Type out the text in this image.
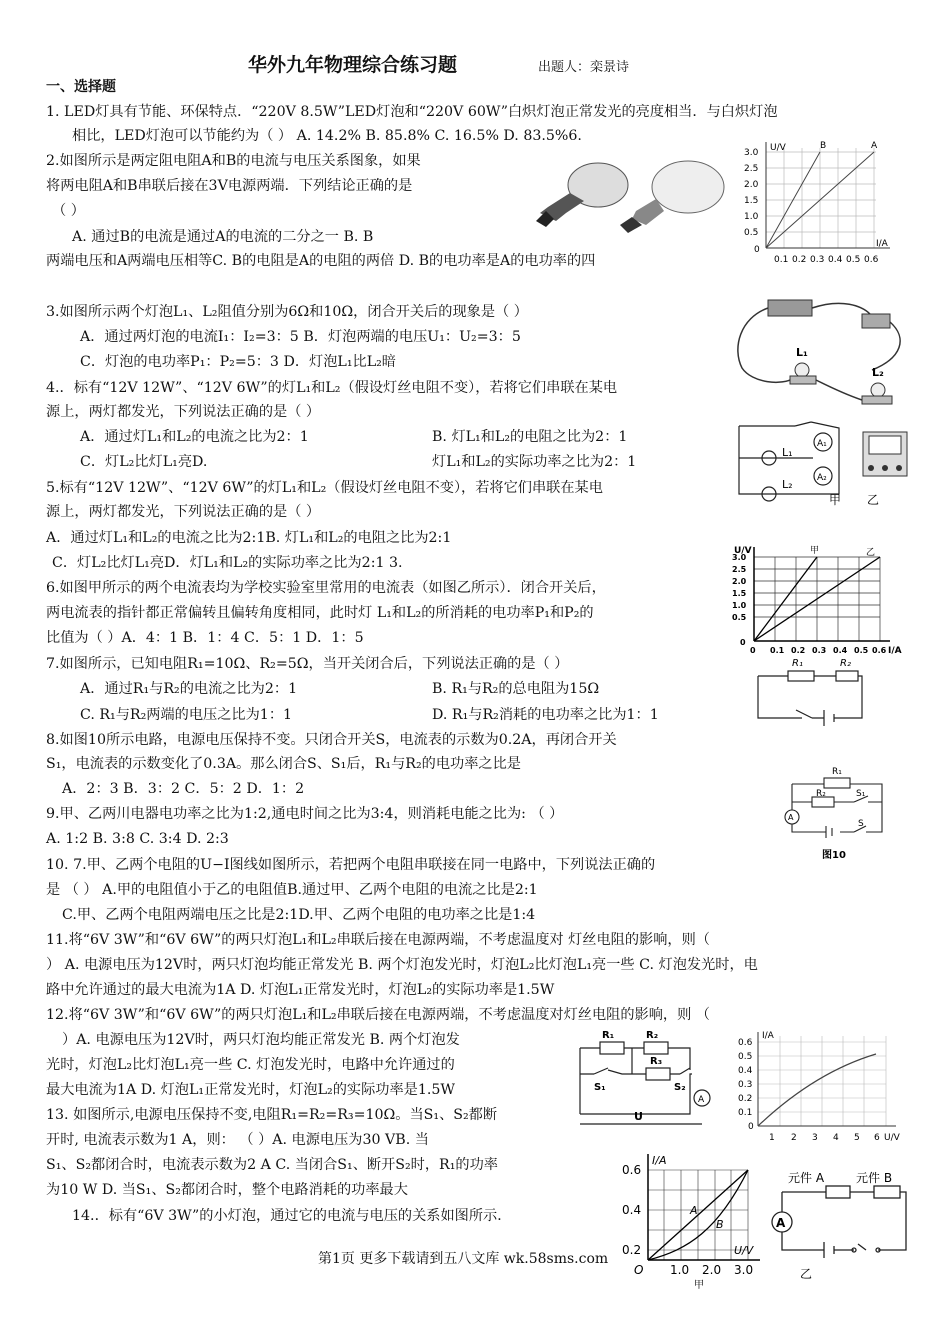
华外九年物理综合练习题	出题人：栾景诗
一、选择题
1. LED灯具有节能、环保特点．“220V 8.5W”LED灯泡和“220V 60W”白炽灯泡正常发光的亮度相当．与白炽灯泡
相比，LED灯泡可以节能约为（ ） A. 14.2% B. 85.8% C. 16.5% D. 83.5%6.
2.如图所示是两定阻电阻A和B的电流与电压关系图象，如果
将两电阻A和B串联后接在3V电源两端．下列结论正确的是
（ ）
A. 通过B的电流是通过A的电流的二分之一 B. B
两端电压和A两端电压相等C. B的电阻是A的电阻的两倍 D. B的电功率是A的电功率的四
3.如图所示两个灯泡L₁、L₂阻值分别为6Ω和10Ω，闭合开关后的现象是（ ）
A．通过两灯泡的电流I₁：I₂=3：5 B．灯泡两端的电压U₁：U₂=3：5
C．灯泡的电功率P₁：P₂=5：3 D．灯泡L₁比L₂暗
4.．标有“12V 12W”、“12V 6W”的灯L₁和L₂（假设灯丝电阻不变），若将它们串联在某电
源上，两灯都发光，下列说法正确的是（ ）
A．通过灯L₁和L₂的电流之比为2：1	B. 灯L₁和L₂的电阻之比为2：1
C．灯L₂比灯L₁亮D.	灯L₁和L₂的实际功率之比为2：1
5.标有“12V 12W”、“12V 6W”的灯L₁和L₂（假设灯丝电阻不变），若将它们串联在某电
源上，两灯都发光，下列说法正确的是（ ）
A．通过灯L₁和L₂的电流之比为2:1B. 灯L₁和L₂的电阻之比为2:1
C．灯L₂比灯L₁亮D．灯L₁和L₂的实际功率之比为2:1 3.
6.如图甲所示的两个电流表均为学校实验室里常用的电流表（如图乙所示）．闭合开关后，
两电流表的指针都正常偏转且偏转角度相同，此时灯 L₁和L₂的所消耗的电功率P₁和P₂的
比值为（ ）A．4：1 B．1：4 C．5：1 D．1：5
7.如图所示，已知电阻R₁=10Ω、R₂=5Ω，当开关闭合后，下列说法正确的是（ ）
A．通过R₁与R₂的电流之比为2：1	B. R₁与R₂的总电阻为15Ω
C. R₁与R₂两端的电压之比为1：1	D. R₁与R₂消耗的电功率之比为1：1
8.如图10所示电路，电源电压保持不变。只闭合开关S，电流表的示数为0.2A，再闭合开关
S₁，电流表的示数变化了0.3A。那么闭合S、S₁后，R₁与R₂的电功率之比是
A．2：3 B．3：2 C．5：2 D．1：2
9.甲、乙两川电器电功率之比为1:2,通电时间之比为3:4，则消耗电能之比为: （ ）
A. 1:2 B. 3:8 C. 3:4 D. 2:3
10. 7.甲、乙两个电阻的U−I图线如图所示，若把两个电阻串联接在同一电路中，下列说法正确的
是 （ ） A.甲的电阻值小于乙的电阻值B.通过甲、乙两个电阻的电流之比是2:1
C.甲、乙两个电阻两端电压之比是2:1D.甲、乙两个电阻的电功率之比是1:4
11.将“6V 3W”和“6V 6W”的两只灯泡L₁和L₂串联后接在电源两端，不考虑温度对 灯丝电阻的影响，则（
） A. 电源电压为12V时，两只灯泡均能正常发光 B. 两个灯泡发光时，灯泡L₂比灯泡L₁亮一些 C. 灯泡发光时，电
路中允许通过的最大电流为1A D. 灯泡L₁正常发光时，灯泡L₂的实际功率是1.5W
12.将“6V 3W”和“6V 6W”的两只灯泡L₁和L₂串联后接在电源两端，不考虑温度对灯丝电阻的影响，则 （
）A. 电源电压为12V时，两只灯泡均能正常发光 B. 两个灯泡发
光时，灯泡L₂比灯泡L₁亮一些 C. 灯泡发光时，电路中允许通过的
最大电流为1A D. 灯泡L₁正常发光时，灯泡L₂的实际功率是1.5W
13. 如图所示,电源电压保持不变,电阻R₁=R₂=R₃=10Ω。当S₁、S₂都断
开时, 电流表示数为1 A，则： （ ）A. 电源电压为30 VB. 当
S₁、S₂都闭合时，电流表示数为2 A C. 当闭合S₁、断开S₂时，R₁的功率
为10 W D. 当S₁、S₂都闭合时，整个电路消耗的功率最大
14.．标有“6V 3W”的小灯泡，通过它的电流与电压的关系如图所示．
U/V
I/A
B	A
3.0
2.5
2.0
1.5
1.0
0.5
0
0.1 0.2 0.3 0.4 0.5 0.6
L₁
L₂
L₁
L₂
A₁
A₂
甲 乙
U/V
I/A
甲	乙
3.0
2.5
2.0
1.5
1.0
0.5
0
0 0.1 0.2 0.3 0.4 0.5 0.6
R₁	R₂
R₁
R₂	S₁
S
A
图10
R₁	R₂
R₃
S₁	S₂
A
U
I/A
U/V
0.6
0.5
0.4
0.3
0.2
0.1
0
1 2 3 4 5 6
I/A
U/V
A
B
O
0.6
0.4
0.2
1.0 2.0 3.0
甲
元件 A	元件 B
A
乙
第1页 更多下载请到五八文库 wk.58sms.com
